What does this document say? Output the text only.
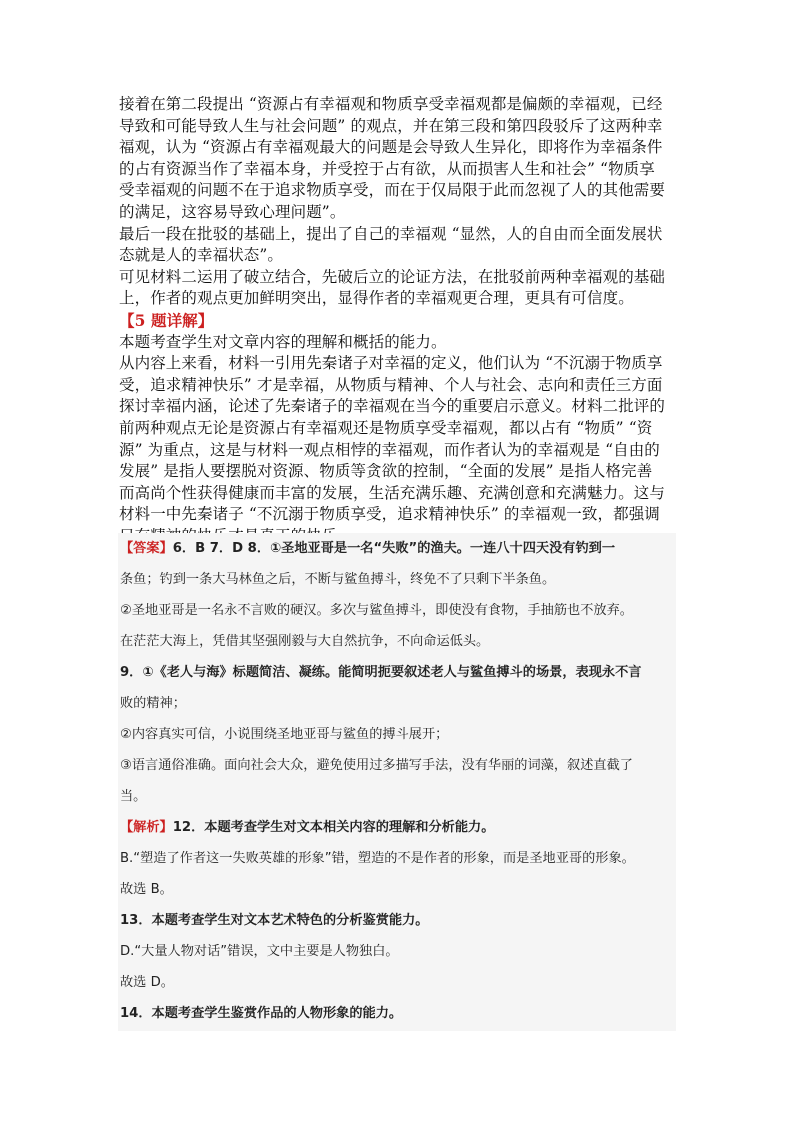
接着在第二段提出 “资源占有幸福观和物质享受幸福观都是偏颇的幸福观，已经

导致和可能导致人生与社会问题” 的观点，并在第三段和第四段驳斥了这两种幸

福观，认为 “资源占有幸福观最大的问题是会导致人生异化，即将作为幸福条件

的占有资源当作了幸福本身，并受控于占有欲，从而损害人生和社会” “物质享

受幸福观的问题不在于追求物质享受，而在于仅局限于此而忽视了人的其他需要

的满足，这容易导致心理问题”。

最后一段在批驳的基础上，提出了自己的幸福观 “显然，人的自由而全面发展状

态就是人的幸福状态”。

可见材料二运用了破立结合，先破后立的论证方法，在批驳前两种幸福观的基础

上，作者的观点更加鲜明突出，显得作者的幸福观更合理，更具有可信度。

【5 题详解】

本题考查学生对文章内容的理解和概括的能力。

从内容上来看，材料一引用先秦诸子对幸福的定义，他们认为 “不沉溺于物质享

受，追求精神快乐” 才是幸福，从物质与精神、个人与社会、志向和责任三方面

探讨幸福内涵，论述了先秦诸子的幸福观在当今的重要启示意义。材料二批评的

前两种观点无论是资源占有幸福观还是物质享受幸福观，都以占有 “物质” “资

源” 为重点，这是与材料一观点相悖的幸福观，而作者认为的幸福观是 “自由的

发展” 是指人要摆脱对资源、物质等贪欲的控制，“全面的发展” 是指人格完善

而高尚个性获得健康而丰富的发展，生活充满乐趣、充满创意和充满魅力。这与

材料一中先秦诸子 “不沉溺于物质享受，追求精神快乐” 的幸福观一致，都强调

【答案】6．B 7．D 8．①圣地亚哥是一名“失败”的渔夫。一连八十四天没有钓到一

条鱼；钓到一条大马林鱼之后，不断与鲨鱼搏斗，终免不了只剩下半条鱼。

②圣地亚哥是一名永不言败的硬汉。多次与鲨鱼搏斗，即使没有食物，手抽筋也不放弃。

在茫茫大海上，凭借其坚强刚毅与大自然抗争，不向命运低头。

9．①《老人与海》标题简洁、凝练。能简明扼要叙述老人与鲨鱼搏斗的场景，表现永不言

败的精神；

②内容真实可信，小说围绕圣地亚哥与鲨鱼的搏斗展开；

③语言通俗准确。面向社会大众，避免使用过多描写手法，没有华丽的词藻，叙述直截了

当。

【解析】12．本题考查学生对文本相关内容的理解和分析能力。

B.“塑造了作者这一失败英雄的形象”错，塑造的不是作者的形象，而是圣地亚哥的形象。

故选 B。

13．本题考查学生对文本艺术特色的分析鉴赏能力。

D.“大量人物对话”错误，文中主要是人物独白。

故选 D。

14．本题考查学生鉴赏作品的人物形象的能力。
